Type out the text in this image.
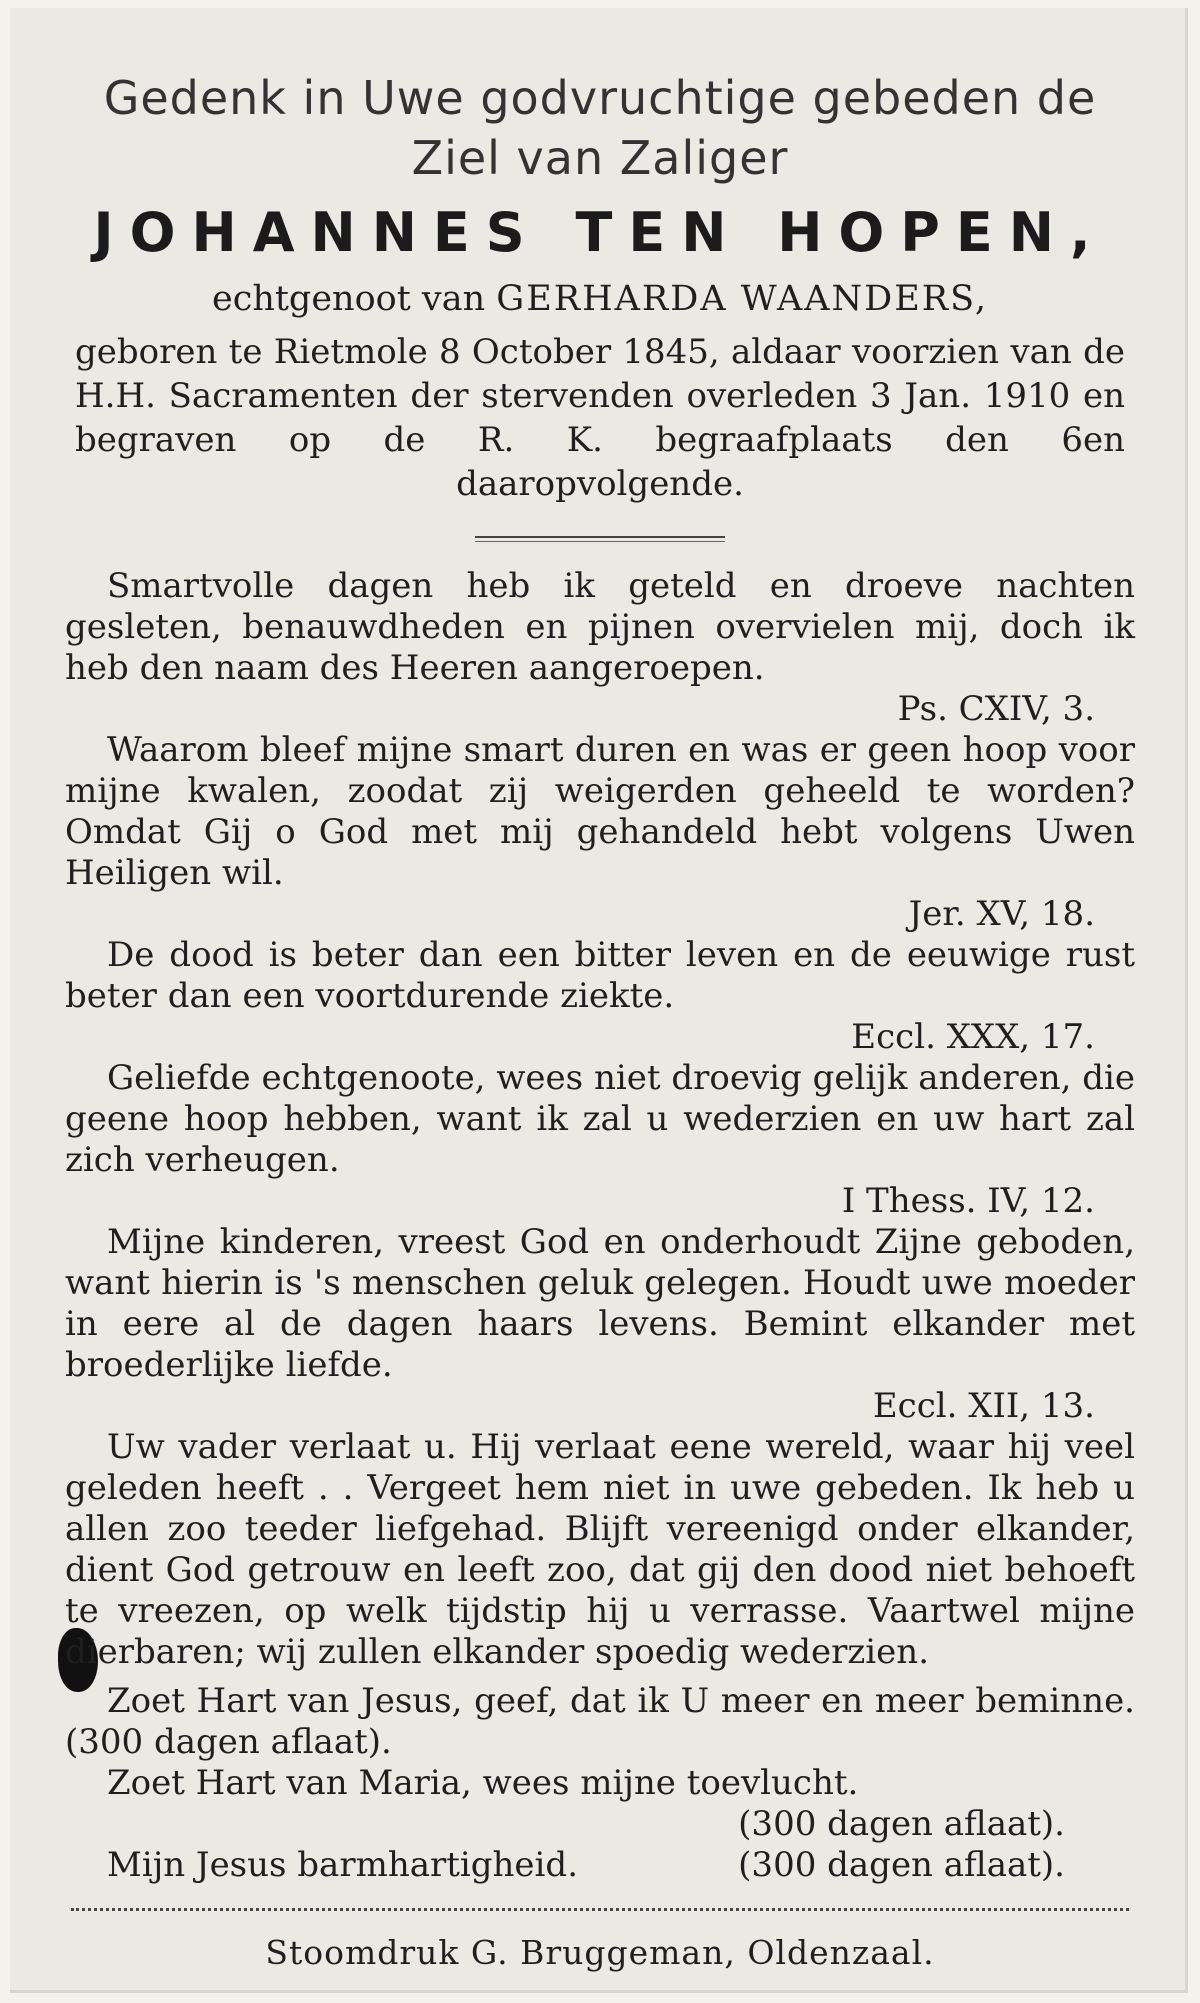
Gedenk in Uwe godvruchtige gebeden de
Ziel van Zaliger
JOHANNES TEN HOPEN,
echtgenoot van GERHARDA WAANDERS,
geboren te Rietmole 8 October 1845, aldaar voorzien van de H.H. Sacramenten der stervenden overleden 3 Jan. 1910 en begraven op de R. K. begraafplaats den 6en daaropvolgende.

Smartvolle dagen heb ik geteld en droeve nachten gesleten, benauwdheden en pijnen overvielen mij, doch ik heb den naam des Heeren aangeroepen.

Ps. CXIV, 3.

Waarom bleef mijne smart duren en was er geen hoop voor mijne kwalen, zoodat zij weigerden geheeld te worden? Omdat Gij o God met mij gehandeld hebt volgens Uwen Heiligen wil.

Jer. XV, 18.

De dood is beter dan een bitter leven en de eeuwige rust beter dan een voortdurende ziekte.

Eccl. XXX, 17.

Geliefde echtgenoote, wees niet droevig gelijk anderen, die geene hoop hebben, want ik zal u wederzien en uw hart zal zich verheugen.

I Thess. IV, 12.

Mijne kinderen, vreest God en onderhoudt Zijne geboden, want hierin is 's menschen geluk gelegen. Houdt uwe moeder in eere al de dagen haars levens. Bemint elkander met broederlijke liefde.

Eccl. XII, 13.

Uw vader verlaat u. Hij verlaat eene wereld, waar hij veel geleden heeft . . Vergeet hem niet in uwe gebeden. Ik heb u allen zoo teeder liefgehad. Blijft vereenigd onder elkander, dient God getrouw en leeft zoo, dat gij den dood niet behoeft te vreezen, op welk tijdstip hij u verrasse. Vaartwel mijne dierbaren; wij zullen elkander spoedig wederzien.

Zoet Hart van Jesus, geef, dat ik U meer en meer beminne. (300 dagen aflaat).

Zoet Hart van Maria, wees mijne toevlucht.

(300 dagen aflaat).

Mijn Jesus barmhartigheid.	(300 dagen aflaat).

Stoomdruk G. Bruggeman, Oldenzaal.
